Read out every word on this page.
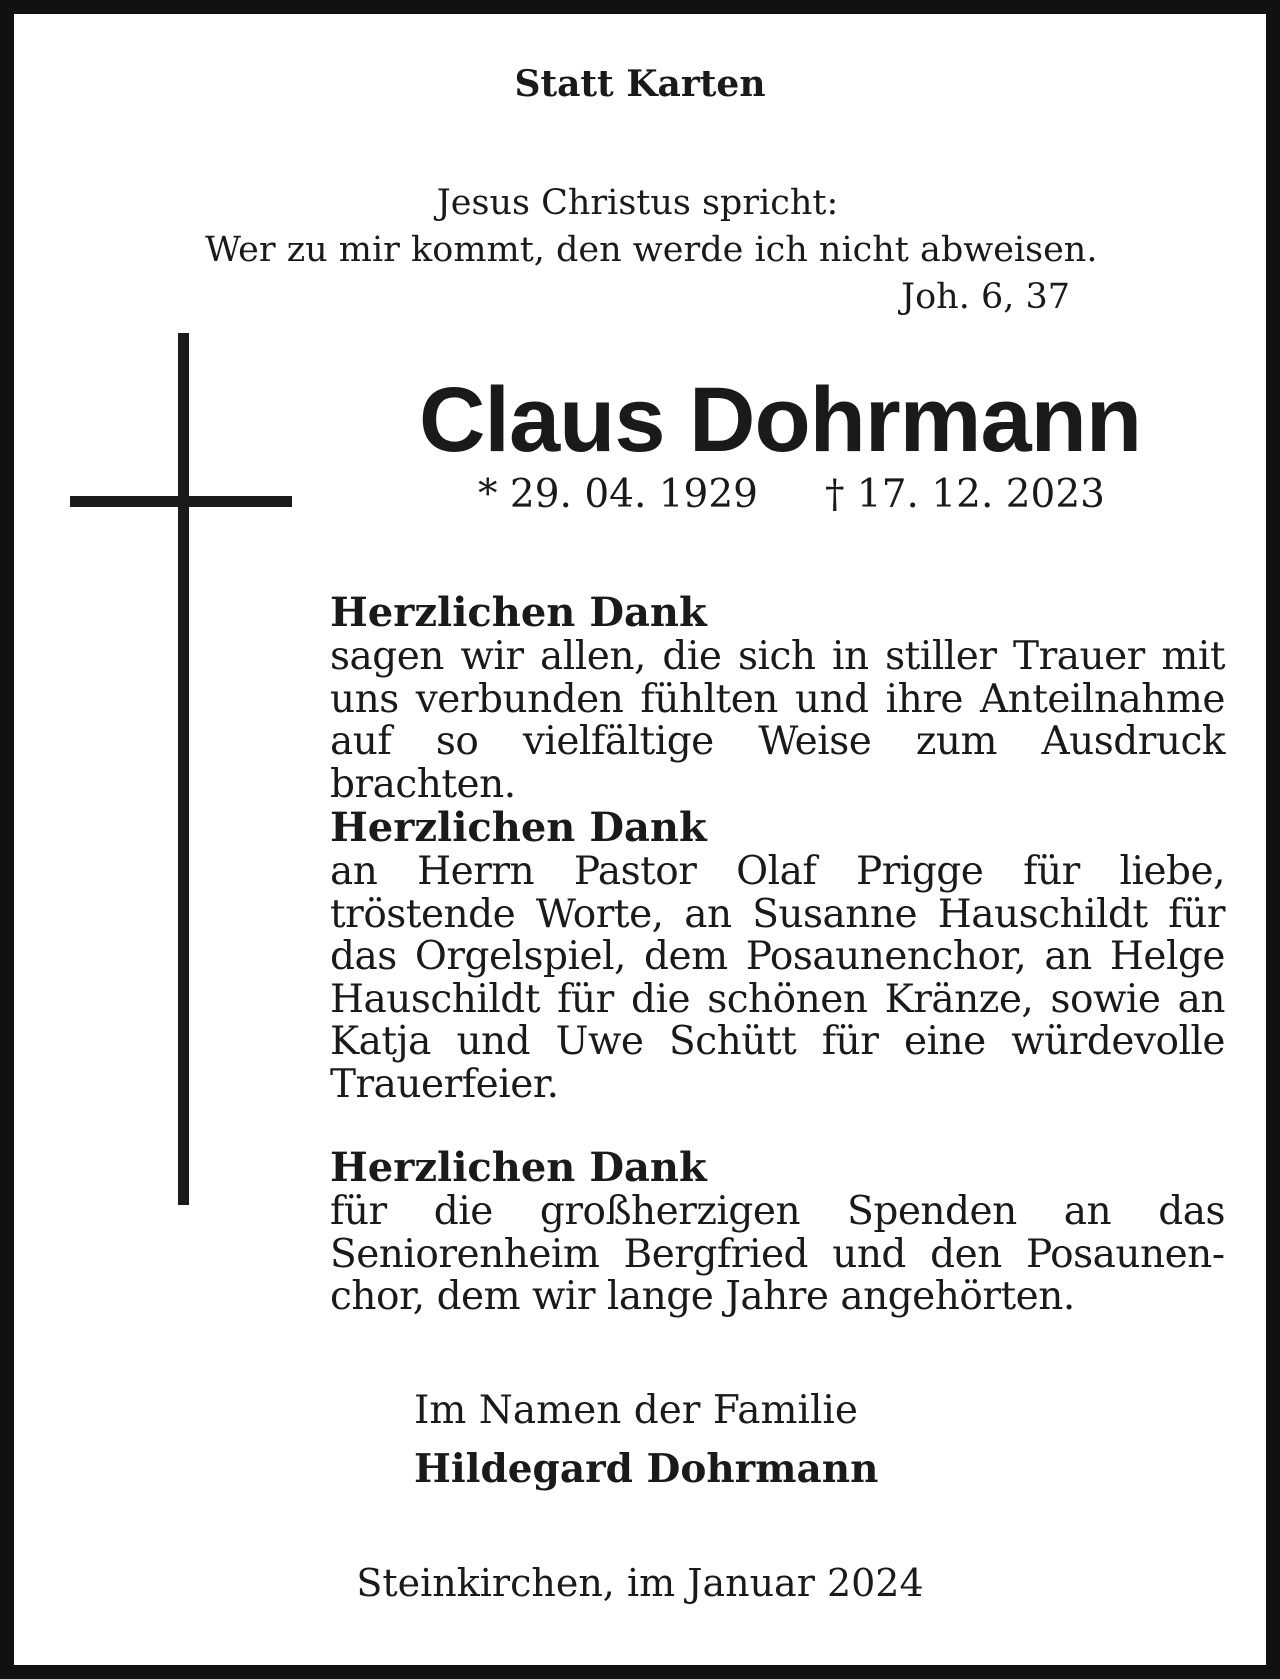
Statt Karten

Jesus Christus spricht:
Wer zu mir kommt, den werde ich nicht abweisen.
Joh. 6, 37
Claus Dohrmann
* 29. 04. 1929 † 17. 12. 2023

Herzlichen Dank

sagen wir allen, die sich in stiller Trauer mit uns verbunden fühlten und ihre Anteilnahme auf so vielfältige Weise zum Ausdruck brachten.

Herzlichen Dank

an Herrn Pastor Olaf Prigge für liebe, tröstende Worte, an Susanne Hauschildt für das Orgelspiel, dem Posaunenchor, an Helge Hauschildt für die schönen Kränze, sowie an Katja und Uwe Schütt für eine würdevolle Trauerfeier.

Herzlichen Dank

für die großherzigen Spenden an das Seniorenheim Bergfried und den Posaunenchor, dem wir lange Jahre angehörten.

Im Namen der Familie
Hildegard Dohrmann
Steinkirchen, im Januar 2024
